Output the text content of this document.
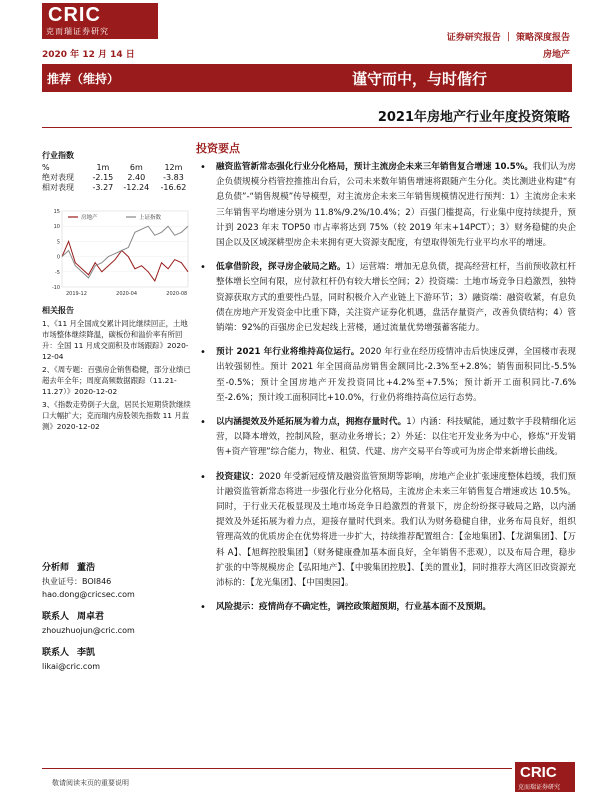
CRIC
克而瑞证券研究
证券研究报告 ｜ 策略深度报告
2020 年 12 月 14 日	房地产
推荐（维持）	谨守而中，与时偕行
2021年房地产行业年度投资策略
投资要点
行业指数
%	1m	6m	12m
绝对表现	-2.15	2.40	-3.83
相对表现	-3.27	-12.24	-16.62
15
10
5
0
-5
-10
2019-12	2020-04	2020-08
房地产	上证指数
相关报告

1、《11 月全国成交累计同比继续回正，土地市场整体继续降温，碳板份和溢价率有所回升：全国 11 月成交面积及市场跟踪》2020-12-04

2、《周专题：百强房企销售稳健，部分业绩已超去年全年；周度高频数据跟踪（11.21-11.27）》2020-12-02

3、《指数走势倒子大盘，居民长短期贷款继续口大幅扩大；克而瑞内房股领先指数 11 月监测》2020-12-02

分析师 董浩
执业证号：BOI846
hao.dong@cricsec.com
联系人 周卓君
zhouzhuojun@cric.com
联系人 李凯
likai@cric.com
• 融资监管新常态强化行业分化格局，预计主流房企未来三年销售复合增速 10.5%。我们认为房企负债规模分档管控推推出台后，公司未来数年销售增速将跟随产生分化。类比测进业构建“有息负债”-“销售规模”传导模型，对主流房企未来三年销售规模情况进行预判：1）主流房企未来三年销售平均增速分别为 11.8%/9.2%/10.4%；2）百强门槛提高，行业集中度持续提升，预计到 2023 年末 TOP50 市占率将达到 75%（较 2019 年末+14PCT）；3）财务稳健的央企国企以及区域深耕型房企未来拥有更大资源支配度，有望取得领先行业平均水平的增速。
• 低拿借阶段，探寻房企破局之路。1）运营端：增加无息负债，提高经营杠杆，当前预收款杠杆整体增长空间有限，应付款杠杆仍有较大增长空间；2）投资端：土地市场竞争日趋激烈，独特资源获取方式的重要性凸显，同时积极介入产业链上下游环节；3）融资端：融资收紧，有息负债在房地产开发资金中比重下降，关注资产证券化机遇，盘活存量资产，改善负债结构；4）管销端：92%的百强房企已发起线上营楼，通过流量优势增强蓄客能力。
• 预计 2021 年行业将维持高位运行。2020 年行业在经历疫情冲击后快速反弹，全国楼市表现出较强韧性。预计 2021 年全国商品房销售金额同比-2.3%至+2.8%；销售面积同比-5.5%至-0.5%；预计全国房地产开发投资同比+4.2%至+7.5%；预计新开工面积同比-7.6%至-2.6%；预计竣工面积同比+10.0%，行业仍将维持高位运行态势。
• 以内涵提效及外延拓展为着力点，拥抱存量时代。1）内涵：科技赋能，通过数字手段精细化运营，以降本增效，控制风险，驱动业务增长；2）外延：以住宅开发业务为中心，修炼“开发销售+资产管理”综合能力，物业、租赁、代建、房产交易平台等或可为房企带来新增长曲线。
• 投资建议：2020 年受新冠疫情及融资监管预期等影响，房地产企业扩张速度整体趋缓，我们预计融资监管新常态将进一步强化行业分化格局，主流房企未来三年销售复合增速或达 10.5%。同时，于行业天花板显现及土地市场竞争日趋激烈的背景下，房企纷纷探寻破局之路，以内涵提效及外延拓展为着力点，迎接存量时代到来。我们认为财务稳健自律，业务布局良好，组织管理高效的优质房企在优势将进一步扩大，持续推荐配置组合：【金地集团】、【龙湖集团】、【万科 A】、【旭辉控股集团】（财务健康叠加基本面良好，全年销售不悲观），以及布局合理，稳步扩张的中等规模房企【弘阳地产】、【中骏集团控股】、【美的置业】，同时推荐大湾区旧改资源充沛标的：【龙光集团】、【中国奥园】。
• 风险提示：疫情尚存不确定性，调控政策超预期，行业基本面不及预期。
敬请阅读末页的重要说明
CRIC
克而瑞证券研究
